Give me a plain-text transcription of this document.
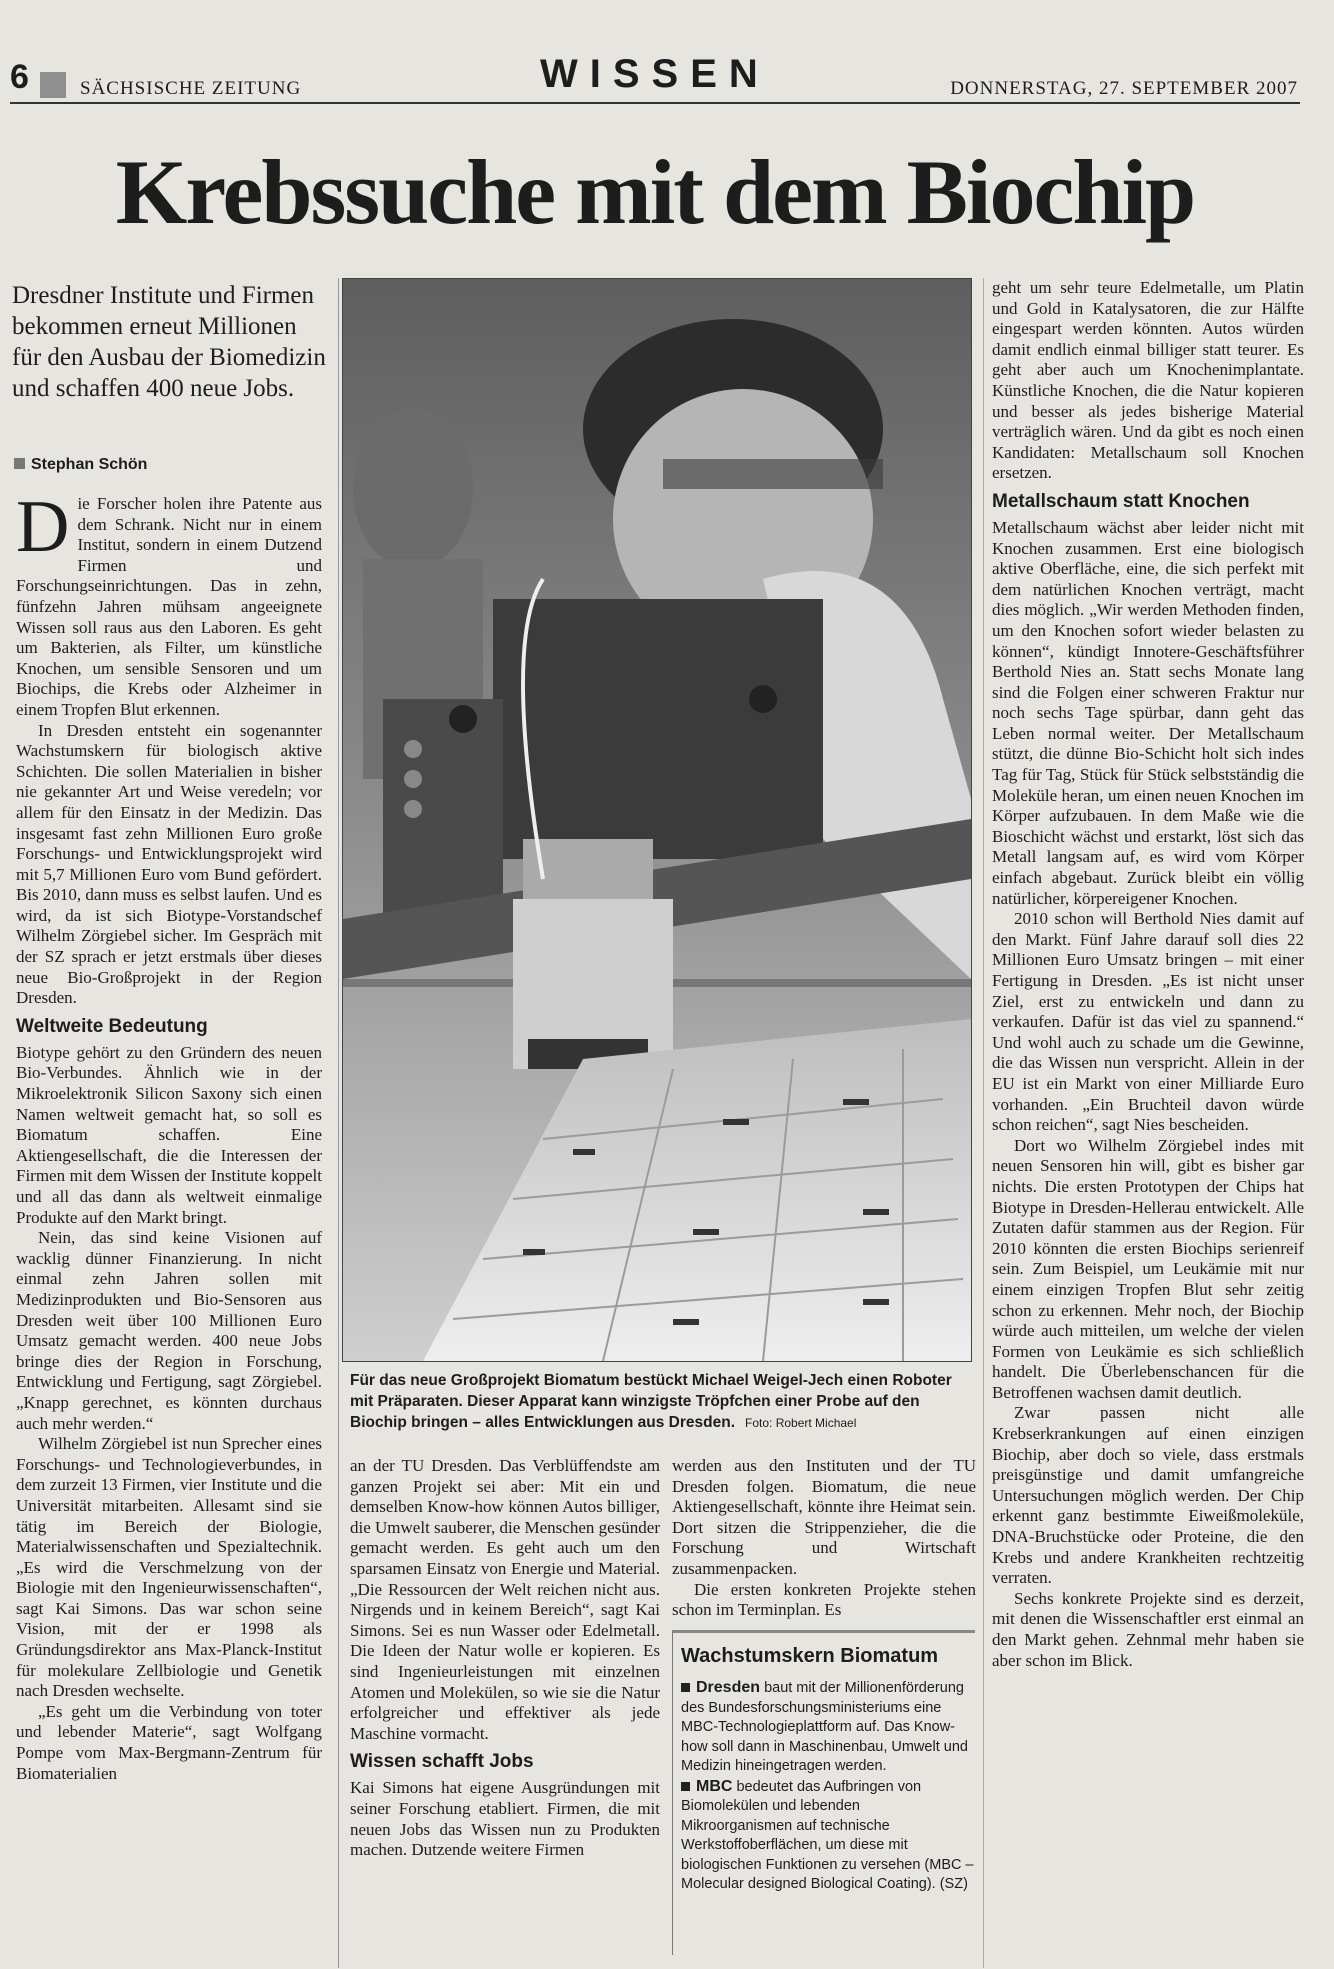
6	SÄCHSISCHE ZEITUNG	WISSEN	DONNERSTAG, 27. SEPTEMBER 2007
Krebssuche mit dem Biochip
Dresdner Institute und Firmen bekommen erneut Millionen für den Ausbau der Biomedizin und schaffen 400 neue Jobs.
Stephan Schön

Die Forscher holen ihre Patente aus dem Schrank. Nicht nur in einem Institut, sondern in einem Dutzend Firmen und Forschungseinrichtungen. Das in zehn, fünfzehn Jahren mühsam angeeignete Wissen soll raus aus den Laboren. Es geht um Bakterien, als Filter, um künstliche Knochen, um sensible Sensoren und um Biochips, die Krebs oder Alzheimer in einem Tropfen Blut erkennen.

In Dresden entsteht ein sogenannter Wachstumskern für biologisch aktive Schichten. Die sollen Materialien in bisher nie gekannter Art und Weise veredeln; vor allem für den Einsatz in der Medizin. Das insgesamt fast zehn Millionen Euro große Forschungs- und Entwicklungsprojekt wird mit 5,7 Millionen Euro vom Bund gefördert. Bis 2010, dann muss es selbst laufen. Und es wird, da ist sich Biotype-Vorstandschef Wilhelm Zörgiebel sicher. Im Gespräch mit der SZ sprach er jetzt erstmals über dieses neue Bio-Großprojekt in der Region Dresden.

Weltweite Bedeutung

Biotype gehört zu den Gründern des neuen Bio-Verbundes. Ähnlich wie in der Mikroelektronik Silicon Saxony sich einen Namen weltweit gemacht hat, so soll es Biomatum schaffen. Eine Aktiengesellschaft, die die Interessen der Firmen mit dem Wissen der Institute koppelt und all das dann als weltweit einmalige Produkte auf den Markt bringt.

Nein, das sind keine Visionen auf wacklig dünner Finanzierung. In nicht einmal zehn Jahren sollen mit Medizinprodukten und Bio-Sensoren aus Dresden weit über 100 Millionen Euro Umsatz gemacht werden. 400 neue Jobs bringe dies der Region in Forschung, Entwicklung und Fertigung, sagt Zörgiebel. „Knapp gerechnet, es könnten durchaus auch mehr werden.“

Wilhelm Zörgiebel ist nun Sprecher eines Forschungs- und Technologieverbundes, in dem zurzeit 13 Firmen, vier Institute und die Universität mitarbeiten. Allesamt sind sie tätig im Bereich der Biologie, Materialwissenschaften und Spezialtechnik. „Es wird die Verschmelzung von der Biologie mit den Ingenieurwissenschaften“, sagt Kai Simons. Das war schon seine Vision, mit der er 1998 als Gründungsdirektor ans Max-Planck-Institut für molekulare Zellbiologie und Genetik nach Dresden wechselte.

„Es geht um die Verbindung von toter und lebender Materie“, sagt Wolfgang Pompe vom Max-Bergmann-Zentrum für Biomaterialien

Für das neue Großprojekt Biomatum bestückt Michael Weigel-Jech einen Roboter mit Präparaten. Dieser Apparat kann winzigste Tröpfchen einer Probe auf den Biochip bringen – alles Entwicklungen aus Dresden. Foto: Robert Michael

an der TU Dresden. Das Verblüffendste am ganzen Projekt sei aber: Mit ein und demselben Know-how können Autos billiger, die Umwelt sauberer, die Menschen gesünder gemacht werden. Es geht auch um den sparsamen Einsatz von Energie und Material. „Die Ressourcen der Welt reichen nicht aus. Nirgends und in keinem Bereich“, sagt Kai Simons. Sei es nun Wasser oder Edelmetall. Die Ideen der Natur wolle er kopieren. Es sind Ingenieurleistungen mit einzelnen Atomen und Molekülen, so wie sie die Natur erfolgreicher und effektiver als jede Maschine vormacht.

Wissen schafft Jobs

Kai Simons hat eigene Ausgründungen mit seiner Forschung etabliert. Firmen, die mit neuen Jobs das Wissen nun zu Produkten machen. Dutzende weitere Firmen

werden aus den Instituten und der TU Dresden folgen. Biomatum, die neue Aktiengesellschaft, könnte ihre Heimat sein. Dort sitzen die Strippenzieher, die die Forschung und Wirtschaft zusammenpacken.

Die ersten konkreten Projekte stehen schon im Terminplan. Es

Wachstumskern Biomatum

Dresden baut mit der Millionenförderung des Bundesforschungsministeriums eine MBC-Technologieplattform auf. Das Know-how soll dann in Maschinenbau, Umwelt und Medizin hineingetragen werden.

MBC bedeutet das Aufbringen von Biomolekülen und lebenden Mikroorganismen auf technische Werkstoffoberflächen, um diese mit biologischen Funktionen zu versehen (MBC – Molecular designed Biological Coating). (SZ)

geht um sehr teure Edelmetalle, um Platin und Gold in Katalysatoren, die zur Hälfte eingespart werden könnten. Autos würden damit endlich einmal billiger statt teurer. Es geht aber auch um Knochenimplantate. Künstliche Knochen, die die Natur kopieren und besser als jedes bisherige Material verträglich wären. Und da gibt es noch einen Kandidaten: Metallschaum soll Knochen ersetzen.

Metallschaum statt Knochen

Metallschaum wächst aber leider nicht mit Knochen zusammen. Erst eine biologisch aktive Oberfläche, eine, die sich perfekt mit dem natürlichen Knochen verträgt, macht dies möglich. „Wir werden Methoden finden, um den Knochen sofort wieder belasten zu können“, kündigt Innotere-Geschäftsführer Berthold Nies an. Statt sechs Monate lang sind die Folgen einer schweren Fraktur nur noch sechs Tage spürbar, dann geht das Leben normal weiter. Der Metallschaum stützt, die dünne Bio-Schicht holt sich indes Tag für Tag, Stück für Stück selbstständig die Moleküle heran, um einen neuen Knochen im Körper aufzubauen. In dem Maße wie die Bioschicht wächst und erstarkt, löst sich das Metall langsam auf, es wird vom Körper einfach abgebaut. Zurück bleibt ein völlig natürlicher, körpereigener Knochen.

2010 schon will Berthold Nies damit auf den Markt. Fünf Jahre darauf soll dies 22 Millionen Euro Umsatz bringen – mit einer Fertigung in Dresden. „Es ist nicht unser Ziel, erst zu entwickeln und dann zu verkaufen. Dafür ist das viel zu spannend.“ Und wohl auch zu schade um die Gewinne, die das Wissen nun verspricht. Allein in der EU ist ein Markt von einer Milliarde Euro vorhanden. „Ein Bruchteil davon würde schon reichen“, sagt Nies bescheiden.

Dort wo Wilhelm Zörgiebel indes mit neuen Sensoren hin will, gibt es bisher gar nichts. Die ersten Prototypen der Chips hat Biotype in Dresden-Hellerau entwickelt. Alle Zutaten dafür stammen aus der Region. Für 2010 könnten die ersten Biochips serienreif sein. Zum Beispiel, um Leukämie mit nur einem einzigen Tropfen Blut sehr zeitig schon zu erkennen. Mehr noch, der Biochip würde auch mitteilen, um welche der vielen Formen von Leukämie es sich schließlich handelt. Die Überlebenschancen für die Betroffenen wachsen damit deutlich.

Zwar passen nicht alle Krebserkrankungen auf einen einzigen Biochip, aber doch so viele, dass erstmals preisgünstige und damit umfangreiche Untersuchungen möglich werden. Der Chip erkennt ganz bestimmte Eiweißmoleküle, DNA-Bruchstücke oder Proteine, die den Krebs und andere Krankheiten rechtzeitig verraten.

Sechs konkrete Projekte sind es derzeit, mit denen die Wissenschaftler erst einmal an den Markt gehen. Zehnmal mehr haben sie aber schon im Blick.
